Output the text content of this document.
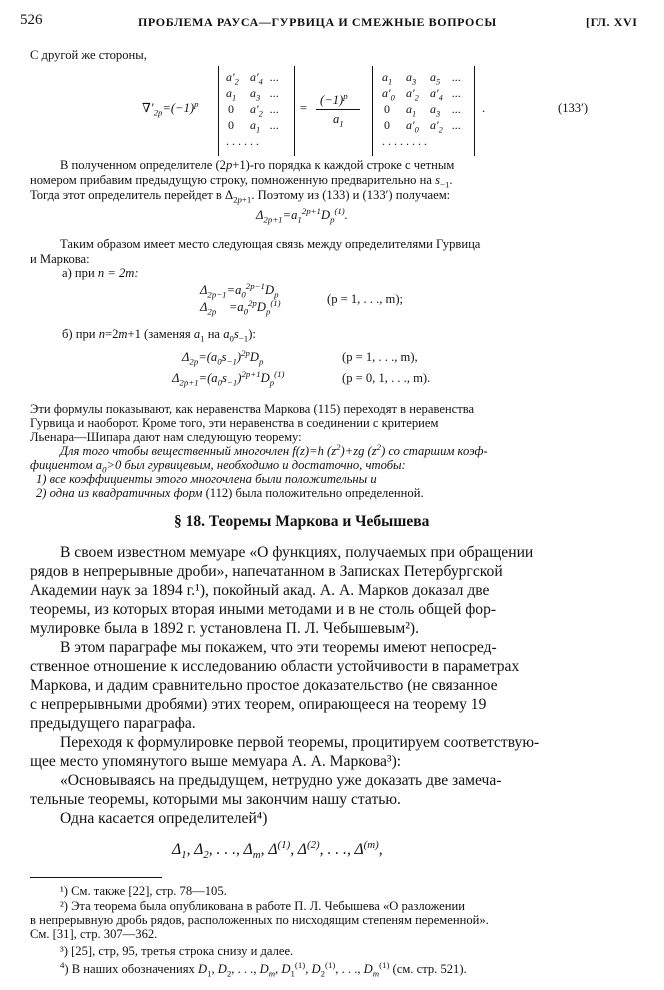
526	ПРОБЛЕМА РАУСА—ГУРВИЦА И СМЕЖНЫЕ ВОПРОСЫ	[ГЛ. XVI
С другой же стороны,
$\nabla'_{2p}=(-1)^p$
$a'_2$ $a'_4$ ...
$a_1$ $a_3$ ...
0 $a'_2$ ...
0 $a_1$ ...
. . . . . .
=
$(-1)^p$
$a_1$
$a_1$ $a_3$ $a_5$ ...
$a'_0$ $a'_2$ $a'_4$ ...
0 $a_1$ $a_3$ ...
0 $a'_0$ $a'_2$ ...
. . . . . . . .
.	(133′)
В полученном определителе (2p+1)-го порядка к каждой строке с четным
номером прибавим предыдущую строку, помноженную предварительно на $s_{-1}$.
Тогда этот определитель перейдет в $\Delta_{2p+1}$. Поэтому из (133) и (133′) получаем:
$\Delta_{2p+1}=a_1^{2p+1}D_p^{(1)}$.
Таким образом имеет место следующая связь между определителями Гурвица
и Маркова:
а) при n = 2m:
$\Delta_{2p-1}=a_0^{2p-1}D_p$
$\Delta_{2p}$    $=a_0^{2p}D_p^{(1)}$	(p = 1, . . ., m);
б) при n=2m+1 (заменяя $a_1$ на $a_0s_{-1}$):
$\Delta_{2p}=(a_0s_{-1})^{2p}D_p$	(p = 1, . . ., m),
$\Delta_{2p+1}=(a_0s_{-1})^{2p+1}D_p^{(1)}$	(p = 0, 1, . . ., m).
Эти формулы показывают, как неравенства Маркова (115) переходят в неравенства
Гурвица и наоборот. Кроме того, эти неравенства в соединении с критерием
Льенара—Шипара дают нам следующую теорему:
Для того чтобы вещественный многочлен f(z)=h $(z^2)+zg$ $(z^2)$ со старшим коэф-
фициентом $a_0>0$ был гурвицевым, необходимо и достаточно, чтобы:
1) все коэффициенты этого многочлена были положительны и
2) одна из квадратичных форм (112) была положительно определенной.
§ 18. Теоремы Маркова и Чебышева
В своем известном мемуаре «О функциях, получаемых при обращении
рядов в непрерывные дроби», напечатанном в Записках Петербургской
Академии наук за 1894 г.¹), покойный акад. А. А. Марков доказал две
теоремы, из которых вторая иными методами и в не столь общей фор-
мулировке была в 1892 г. установлена П. Л. Чебышевым²).
В этом параграфе мы покажем, что эти теоремы имеют непосред-
ственное отношение к исследованию области устойчивости в параметрах
Маркова, и дадим сравнительно простое доказательство (не связанное
с непрерывными дробями) этих теорем, опирающееся на теорему 19
предыдущего параграфа.
Переходя к формулировке первой теоремы, процитируем соответствую-
щее место упомянутого выше мемуара А. А. Маркова³):
«Основываясь на предыдущем, нетрудно уже доказать две замеча-
тельные теоремы, которыми мы закончим нашу статью.
Одна касается определителей⁴)
$\Delta_1$, $\Delta_2$, . . ., $\Delta_m$, $\Delta^{(1)}$, $\Delta^{(2)}$, . . ., $\Delta^{(m)}$,
¹) См. также [22], стр. 78—105.
²) Эта теорема была опубликована в работе П. Л. Чебышева «О разложении
в непрерывную дробь рядов, расположенных по нисходящим степеням переменной».
См. [31], стр. 307—362.
³) [25], стр, 95, третья строка снизу и далее.
$^4$) В наших обозначениях $D_1$, $D_2$, . . ., $D_m$, $D_1^{(1)}$, $D_2^{(1)}$, . . ., $D_m^{(1)}$ (см. стр. 521).
